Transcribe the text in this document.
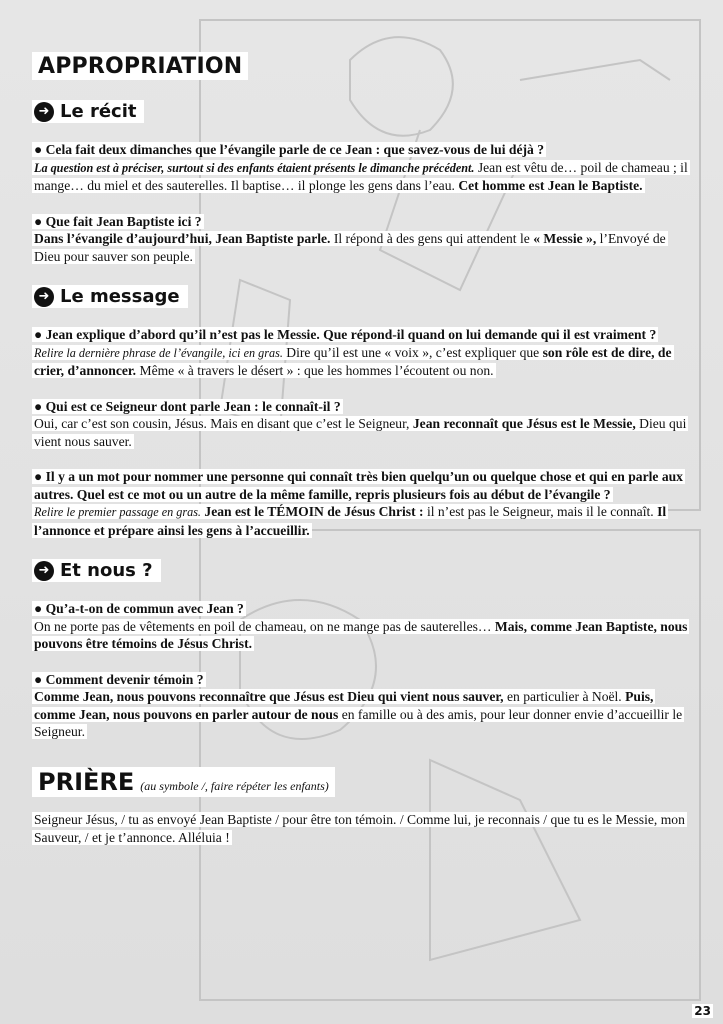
APPROPRIATION
➜ Le récit
● Cela fait deux dimanches que l’évangile parle de ce Jean : que savez-vous de lui déjà ?
La question est à préciser, surtout si des enfants étaient présents le dimanche précédent. Jean est vêtu de… poil de chameau ; il mange… du miel et des sauterelles. Il baptise… il plonge les gens dans l’eau. Cet homme est Jean le Baptiste.
● Que fait Jean Baptiste ici ?
Dans l’évangile d’aujourd’hui, Jean Baptiste parle. Il répond à des gens qui attendent le « Messie », l’Envoyé de Dieu pour sauver son peuple.
➜ Le message
● Jean explique d’abord qu’il n’est pas le Messie. Que répond-il quand on lui demande qui il est vraiment ?
Relire la dernière phrase de l’évangile, ici en gras. Dire qu’il est une « voix », c’est expliquer que son rôle est de dire, de crier, d’annoncer. Même « à travers le désert » : que les hommes l’écoutent ou non.
● Qui est ce Seigneur dont parle Jean : le connaît-il ?
Oui, car c’est son cousin, Jésus. Mais en disant que c’est le Seigneur, Jean reconnaît que Jésus est le Messie, Dieu qui vient nous sauver.
● Il y a un mot pour nommer une personne qui connaît très bien quelqu’un ou quelque chose et qui en parle aux autres. Quel est ce mot ou un autre de la même famille, repris plusieurs fois au début de l’évangile ?
Relire le premier passage en gras. Jean est le TÉMOIN de Jésus Christ : il n’est pas le Seigneur, mais il le connaît. Il l’annonce et prépare ainsi les gens à l’accueillir.
➜ Et nous ?
● Qu’a-t-on de commun avec Jean ?
On ne porte pas de vêtements en poil de chameau, on ne mange pas de sauterelles… Mais, comme Jean Baptiste, nous pouvons être témoins de Jésus Christ.
● Comment devenir témoin ?
Comme Jean, nous pouvons reconnaître que Jésus est Dieu qui vient nous sauver, en particulier à Noël. Puis, comme Jean, nous pouvons en parler autour de nous en famille ou à des amis, pour leur donner envie d’accueillir le Seigneur.
PRIÈRE (au symbole /, faire répéter les enfants)
Seigneur Jésus, / tu as envoyé Jean Baptiste / pour être ton témoin. / Comme lui, je reconnais / que tu es le Messie, mon Sauveur, / et je t’annonce. Alléluia !
23
